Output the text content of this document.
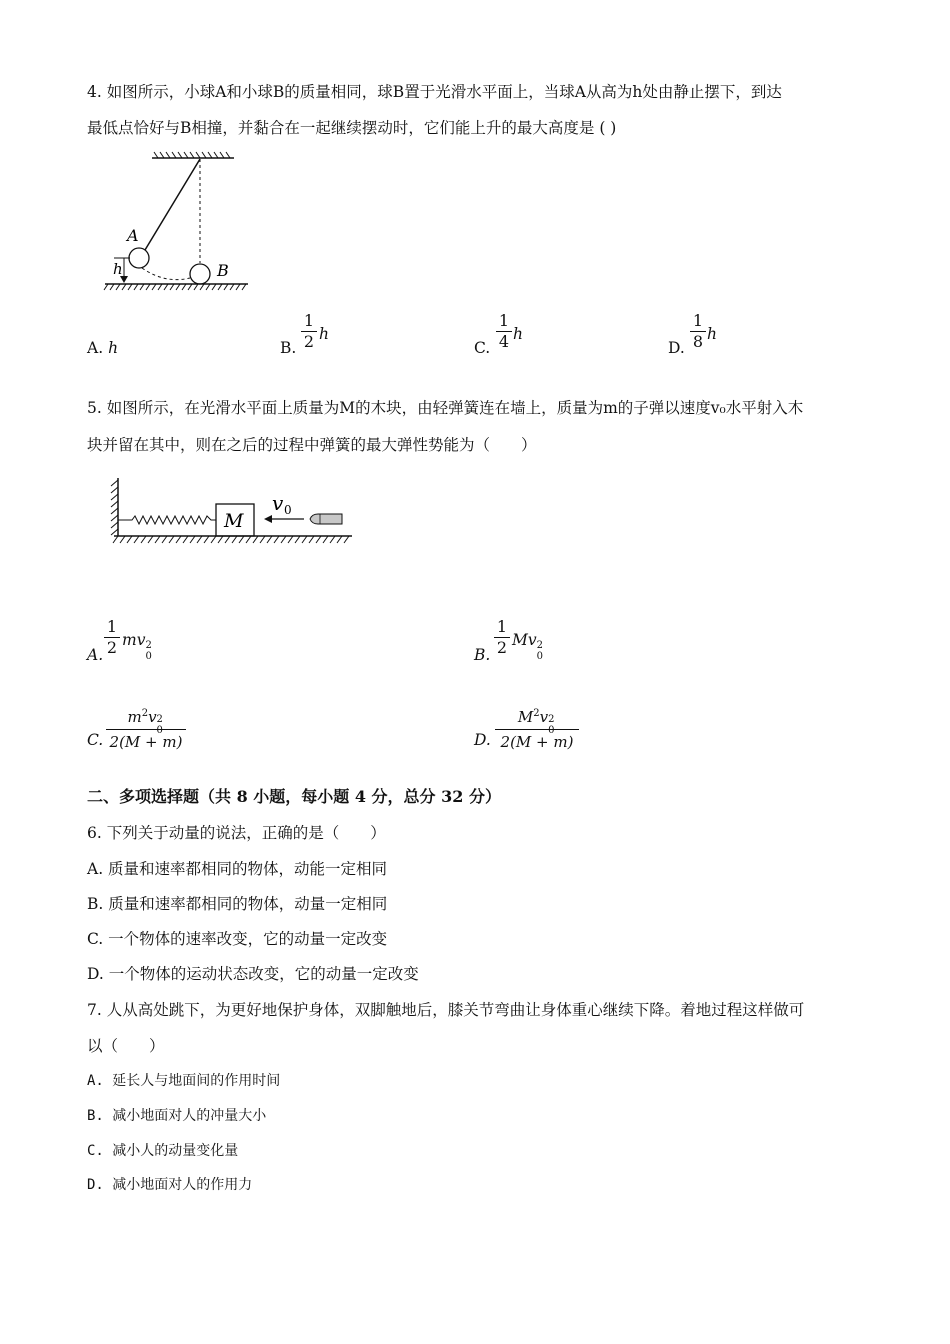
4. 如图所示，小球A和小球B的质量相同，球B置于光滑水平面上，当球A从高为h处由静止摆下，到达
最低点恰好与B相撞，并黏合在一起继续摆动时，它们能上升的最大高度是 ( )
A
B
h
A. h	B.
1
2 h
C.
1
4 h
D.
1
8 h
5. 如图所示，在光滑水平面上质量为M的木块，由轻弹簧连在墙上，质量为m的子弹以速度v₀水平射入木
块并留在其中，则在之后的过程中弹簧的最大弹性势能为（　　）
M
v 0
A.
1
2 mv 2
0	B.
1
2 Mv 2
0
C.
$m^2v$ 2
0
2(M + m)	D.
$M^2v$ 2
0
2(M + m)
二、多项选择题（共 8 小题，每小题 4 分，总分 32 分）
6. 下列关于动量的说法，正确的是（　　）
A. 质量和速率都相同的物体，动能一定相同
B. 质量和速率都相同的物体，动量一定相同
C. 一个物体的速率改变，它的动量一定改变
D. 一个物体的运动状态改变，它的动量一定改变
7. 人从高处跳下，为更好地保护身体，双脚触地后，膝关节弯曲让身体重心继续下降。着地过程这样做可
以（　　）
A. 延长人与地面间的作用时间
B. 减小地面对人的冲量大小
C. 减小人的动量变化量
D. 减小地面对人的作用力
